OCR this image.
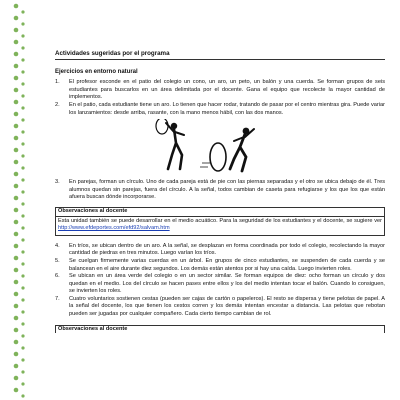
Actividades sugeridas por el programa
Ejercicios en entorno natural
1. El profesor esconde en el patio del colegio un cono, un aro, un peto, un balón y una cuerda. Se forman grupos de seis estudiantes para buscarlos en un área delimitada por el docente. Gana el equipo que recolecte la mayor cantidad de implementos.
2. En el patio, cada estudiante tiene un aro. Lo tienen que hacer rodar, tratando de pasar por el centro mientras gira. Puede variar los lanzamientos: desde arriba, rasante, con la mano menos hábil, con las dos manos.
3. En parejas, forman un círculo. Uno de cada pareja está de pie con las piernas separadas y el otro se ubica debajo de él. Tres alumnos quedan sin parejas, fuera del círculo. A la señal, todos cambian de caseta para refugiarse y los que los que están afuera buscan dónde incorporarse.
Observaciones al docente
Esta unidad también se puede desarrollar en el medio acuático. Para la seguridad de los estudiantes y el docente, se sugiere ver http://www.efdeportes.com/efd92/salvam.htm
4. En tríos, se ubican dentro de un aro. A la señal, se desplazan en forma coordinada por todo el colegio, recolectando la mayor cantidad de piedras en tres minutos. Luego varían los tríos.
5. Se cuelgan firmemente varias cuerdas en un árbol. En grupos de cinco estudiantes, se suspenden de cada cuerda y se balancean en el aire durante diez segundos. Los demás están atentos por si hay una caída. Luego invierten roles.
6. Se ubican en un área verde del colegio o en un sector similar. Se forman equipos de diez: ocho forman un círculo y dos quedan en el medio. Los del círculo se hacen pases entre ellos y los del medio intentan tocar el balón. Cuando lo consiguen, se invierten los roles.
7. Cuatro voluntarios sostienen cestas (pueden ser cajas de cartón o papeleros). El resto se dispersa y tiene pelotas de papel. A la señal del docente, los que tienen los cestos corren y los demás intentan encestar a distancia. Las pelotas que rebotan pueden ser jugadas por cualquier compañero. Cada cierto tiempo cambian de rol.
Observaciones al docente
